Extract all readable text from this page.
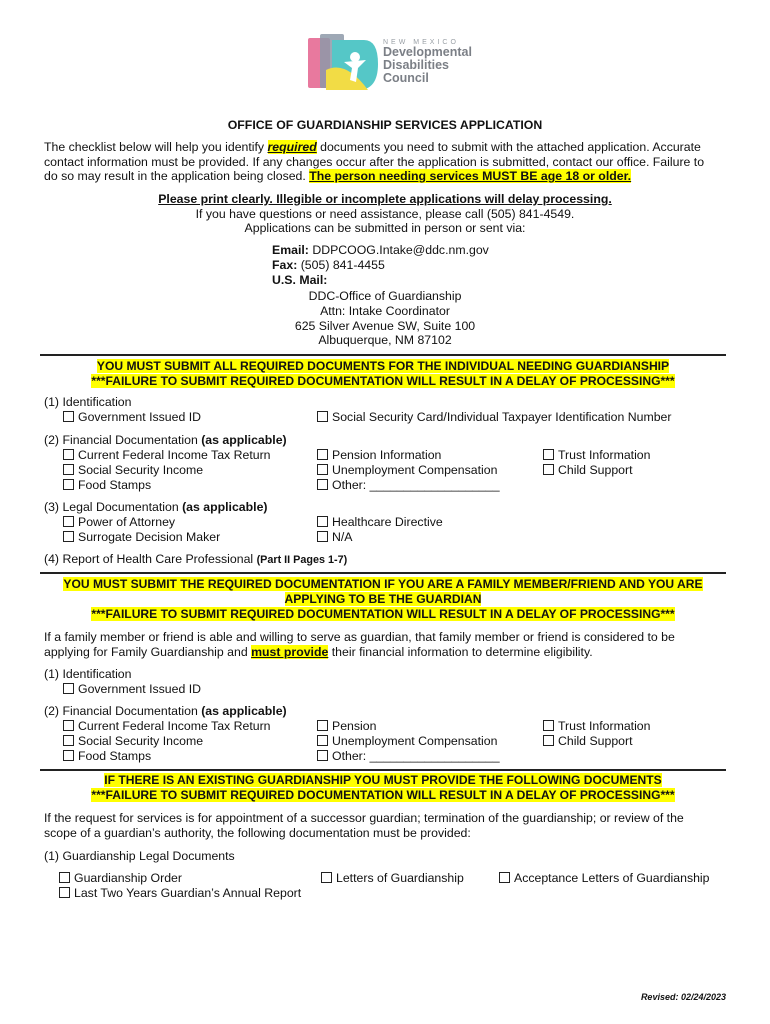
NEW MEXICO
Developmental
Disabilities
Council
OFFICE OF GUARDIANSHIP SERVICES APPLICATION
The checklist below will help you identify required documents you need to submit with the attached application. Accurate
contact information must be provided. If any changes occur after the application is submitted, contact our office. Failure to
do so may result in the application being closed. The person needing services MUST BE age 18 or older.
Please print clearly. Illegible or incomplete applications will delay processing.
If you have questions or need assistance, please call (505) 841-4549.
Applications can be submitted in person or sent via:
Email: DDPCOOG.Intake@ddc.nm.gov
Fax: (505) 841-4455
U.S. Mail:
DDC-Office of Guardianship
Attn: Intake Coordinator
625 Silver Avenue SW, Suite 100
Albuquerque, NM 87102
YOU MUST SUBMIT ALL REQUIRED DOCUMENTS FOR THE INDIVIDUAL NEEDING GUARDIANSHIP
***FAILURE TO SUBMIT REQUIRED DOCUMENTATION WILL RESULT IN A DELAY OF PROCESSING***
(1) Identification
Government Issued ID	Social Security Card/Individual Taxpayer Identification Number
(2) Financial Documentation (as applicable)
Current Federal Income Tax Return
Social Security Income
Food Stamps
Pension Information
Unemployment Compensation
Other: ___________________
Trust Information
Child Support
(3) Legal Documentation (as applicable)
Power of Attorney
Surrogate Decision Maker
Healthcare Directive
N/A
(4) Report of Health Care Professional (Part II Pages 1-7)
YOU MUST SUBMIT THE REQUIRED DOCUMENTATION IF YOU ARE A FAMILY MEMBER/FRIEND AND YOU ARE
APPLYING TO BE THE GUARDIAN
***FAILURE TO SUBMIT REQUIRED DOCUMENTATION WILL RESULT IN A DELAY OF PROCESSING***
If a family member or friend is able and willing to serve as guardian, that family member or friend is considered to be
applying for Family Guardianship and must provide their financial information to determine eligibility.
(1) Identification
Government Issued ID
(2) Financial Documentation (as applicable)
Current Federal Income Tax Return
Social Security Income
Food Stamps
Pension
Unemployment Compensation
Other: ___________________
Trust Information
Child Support
IF THERE IS AN EXISTING GUARDIANSHIP YOU MUST PROVIDE THE FOLLOWING DOCUMENTS
***FAILURE TO SUBMIT REQUIRED DOCUMENTATION WILL RESULT IN A DELAY OF PROCESSING***
If the request for services is for appointment of a successor guardian; termination of the guardianship; or review of the
scope of a guardian’s authority, the following documentation must be provided:
(1) Guardianship Legal Documents
Guardianship Order
Last Two Years Guardian’s Annual Report
Letters of Guardianship	Acceptance Letters of Guardianship
Revised: 02/24/2023
